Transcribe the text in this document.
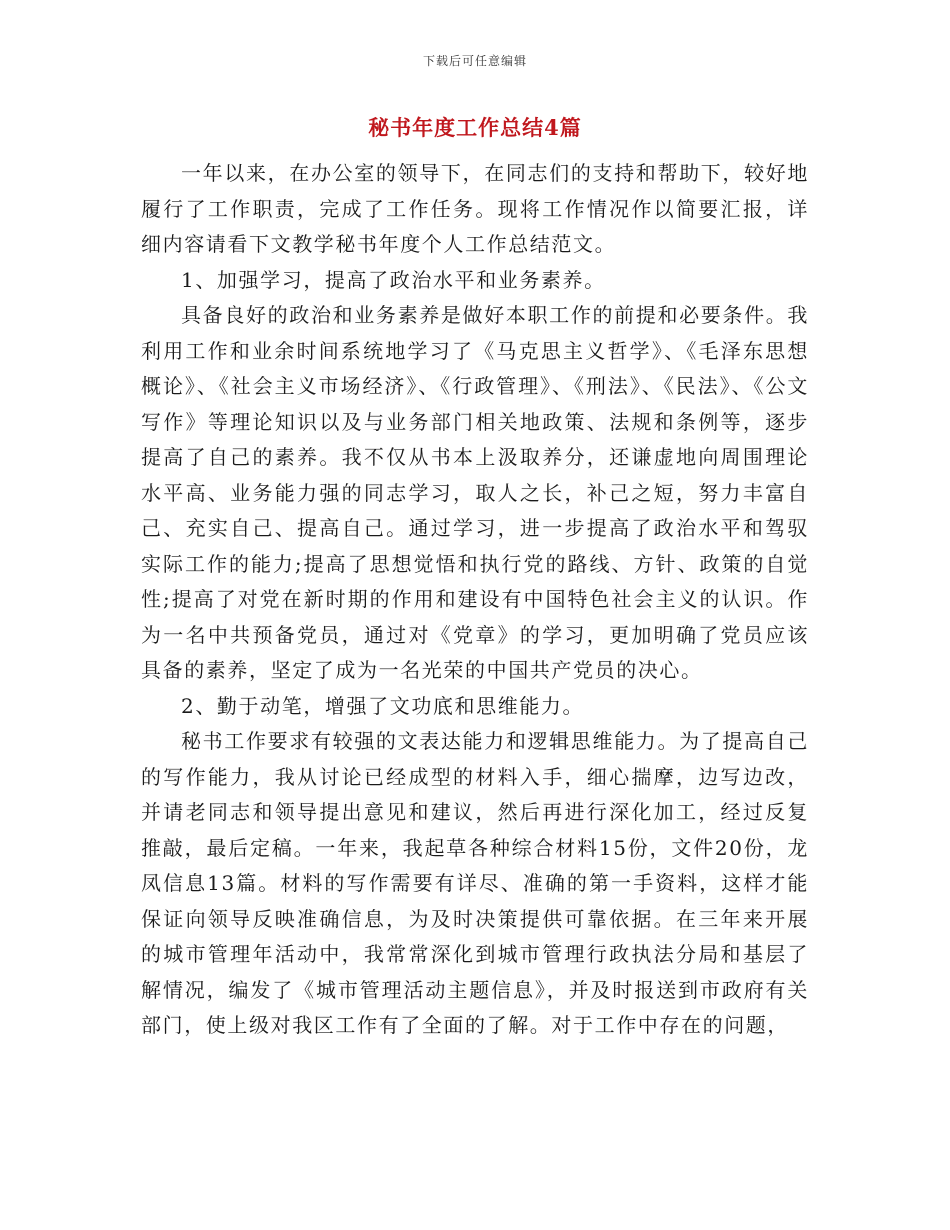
下载后可任意编辑
秘书年度工作总结4篇

一年以来，在办公室的领导下，在同志们的支持和帮助下，较好地履行了工作职责，完成了工作任务。现将工作情况作以简要汇报，详细内容请看下文教学秘书年度个人工作总结范文。

1、加强学习，提高了政治水平和业务素养。

具备良好的政治和业务素养是做好本职工作的前提和必要条件。我利用工作和业余时间系统地学习了《马克思主义哲学》、《毛泽东思想概论》、《社会主义市场经济》、《行政管理》、《刑法》、《民法》、《公文写作》等理论知识以及与业务部门相关地政策、法规和条例等，逐步提高了自己的素养。我不仅从书本上汲取养分，还谦虚地向周围理论水平高、业务能力强的同志学习，取人之长，补己之短，努力丰富自己、充实自己、提高自己。通过学习，进一步提高了政治水平和驾驭实际工作的能力;提高了思想觉悟和执行党的路线、方针、政策的自觉性;提高了对党在新时期的作用和建设有中国特色社会主义的认识。作为一名中共预备党员，通过对《党章》的学习，更加明确了党员应该具备的素养，坚定了成为一名光荣的中国共产党员的决心。

2、勤于动笔，增强了文功底和思维能力。

秘书工作要求有较强的文表达能力和逻辑思维能力。为了提高自己的写作能力，我从讨论已经成型的材料入手，细心揣摩，边写边改，并请老同志和领导提出意见和建议，然后再进行深化加工，经过反复推敲，最后定稿。一年来，我起草各种综合材料15份，文件20份，龙凤信息13篇。材料的写作需要有详尽、准确的第一手资料，这样才能保证向领导反映准确信息，为及时决策提供可靠依据。在三年来开展的城市管理年活动中，我常常深化到城市管理行政执法分局和基层了解情况，编发了《城市管理活动主题信息》，并及时报送到市政府有关部门，使上级对我区工作有了全面的了解。对于工作中存在的问题，
